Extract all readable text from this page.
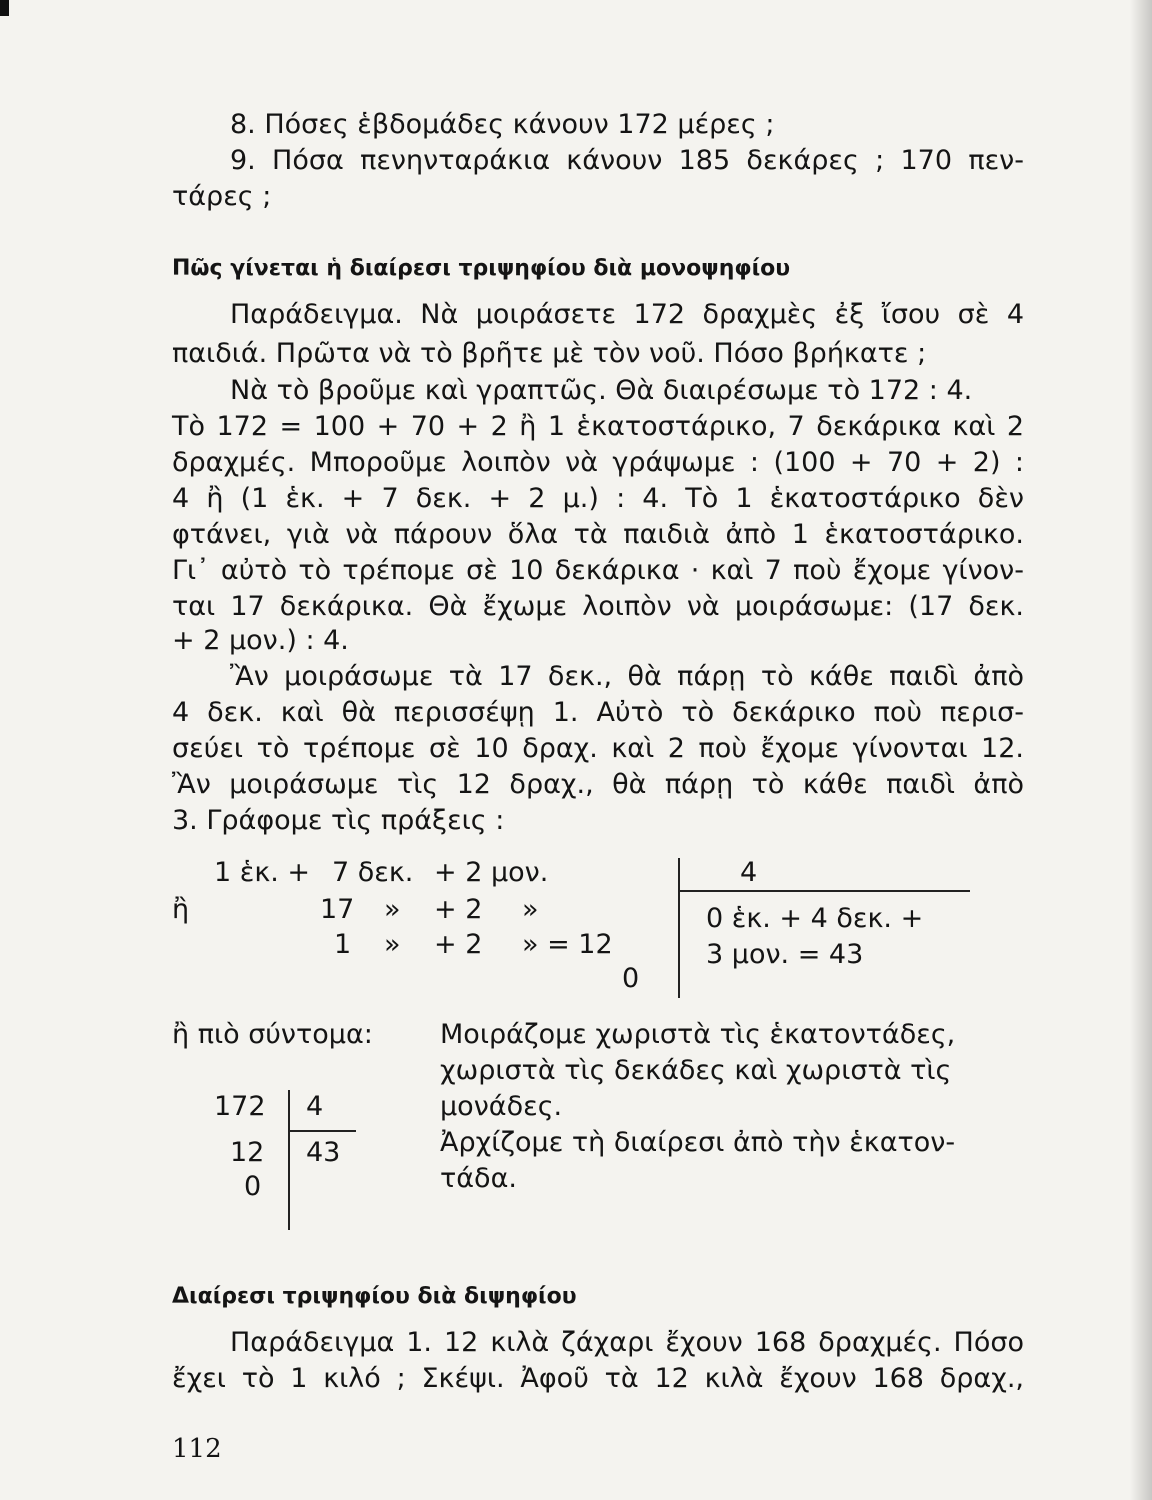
8. Πόσες ἑβδομάδες κάνουν 172 μέρες ;
9. Πόσα πενηνταράκια κάνουν 185 δεκάρες ; 170 πεν-
τάρες ;
Πῶς γίνεται ἡ διαίρεσι τριψηφίου διὰ μονοψηφίου
Παράδειγμα. Νὰ μοιράσετε 172 δραχμὲς ἐξ ἴσου σὲ 4
παιδιά. Πρῶτα νὰ τὸ βρῆτε μὲ τὸν νοῦ. Πόσο βρήκατε ;
Νὰ τὸ βροῦμε καὶ γραπτῶς. Θὰ διαιρέσωμε τὸ 172 : 4.
Τὸ 172 = 100 + 70 + 2 ἢ 1 ἑκατοστάρικο, 7 δεκάρικα καὶ 2
δραχμές. Μποροῦμε λοιπὸν νὰ γράψωμε : (100 + 70 + 2) :
4 ἢ (1 ἑκ. + 7 δεκ. + 2 μ.) : 4. Τὸ 1 ἑκατοστάρικο δὲν
φτάνει, γιὰ νὰ πάρουν ὅλα τὰ παιδιὰ ἀπὸ 1 ἑκατοστάρικο.
Γι᾿ αὐτὸ τὸ τρέπομε σὲ 10 δεκάρικα · καὶ 7 ποὺ ἔχομε γίνον-
ται 17 δεκάρικα. Θὰ ἔχωμε λοιπὸν νὰ μοιράσωμε: (17 δεκ.
+ 2 μον.) : 4.
Ἂν μοιράσωμε τὰ 17 δεκ., θὰ πάρῃ τὸ κάθε παιδὶ ἀπὸ
4 δεκ. καὶ θὰ περισσέψῃ 1. Αὐτὸ τὸ δεκάρικο ποὺ περισ-
σεύει τὸ τρέπομε σὲ 10 δραχ. καὶ 2 ποὺ ἔχομε γίνονται 12.
Ἂν μοιράσωμε τὶς 12 δραχ., θὰ πάρῃ τὸ κάθε παιδὶ ἀπὸ
3. Γράφομε τὶς πράξεις :
1 ἑκ. + 7 δεκ. + 2 μον.
ἢ	17 » + 2 »
1 » + 2 » = 12
0
4
0 ἑκ. + 4 δεκ. +
3 μον. = 43
ἢ πιὸ σύντομα: Μοιράζομε χωριστὰ τὶς ἑκατοντάδες,
χωριστὰ τὶς δεκάδες καὶ χωριστὰ τὶς
μονάδες.
Ἀρχίζομε τὴ διαίρεσι ἀπὸ τὴν ἑκατον-
τάδα.
172 4
12 43
0
Διαίρεσι τριψηφίου διὰ διψηφίου
Παράδειγμα 1. 12 κιλὰ ζάχαρι ἔχουν 168 δραχμές. Πόσο
ἔχει τὸ 1 κιλό ; Σκέψι. Ἀφοῦ τὰ 12 κιλὰ ἔχουν 168 δραχ.,
112
